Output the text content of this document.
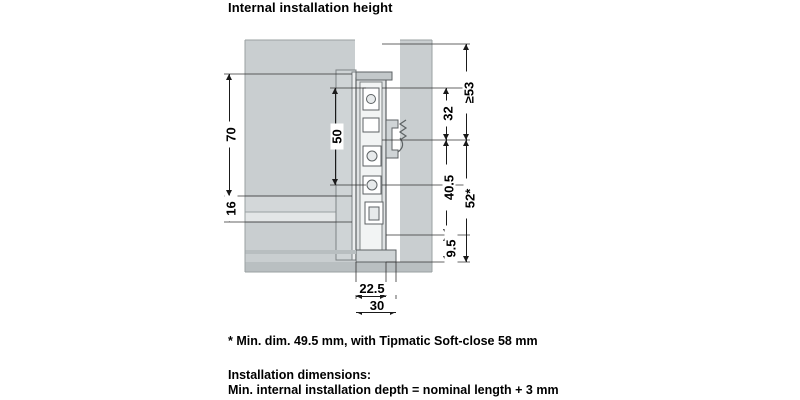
Internal installation height
70
16
50
32
≥53
40.5 52*
9.5
22.5
30
* Min. dim. 49.5 mm, with Tipmatic Soft-close 58 mm
Installation dimensions:
Min. internal installation depth = nominal length + 3 mm
